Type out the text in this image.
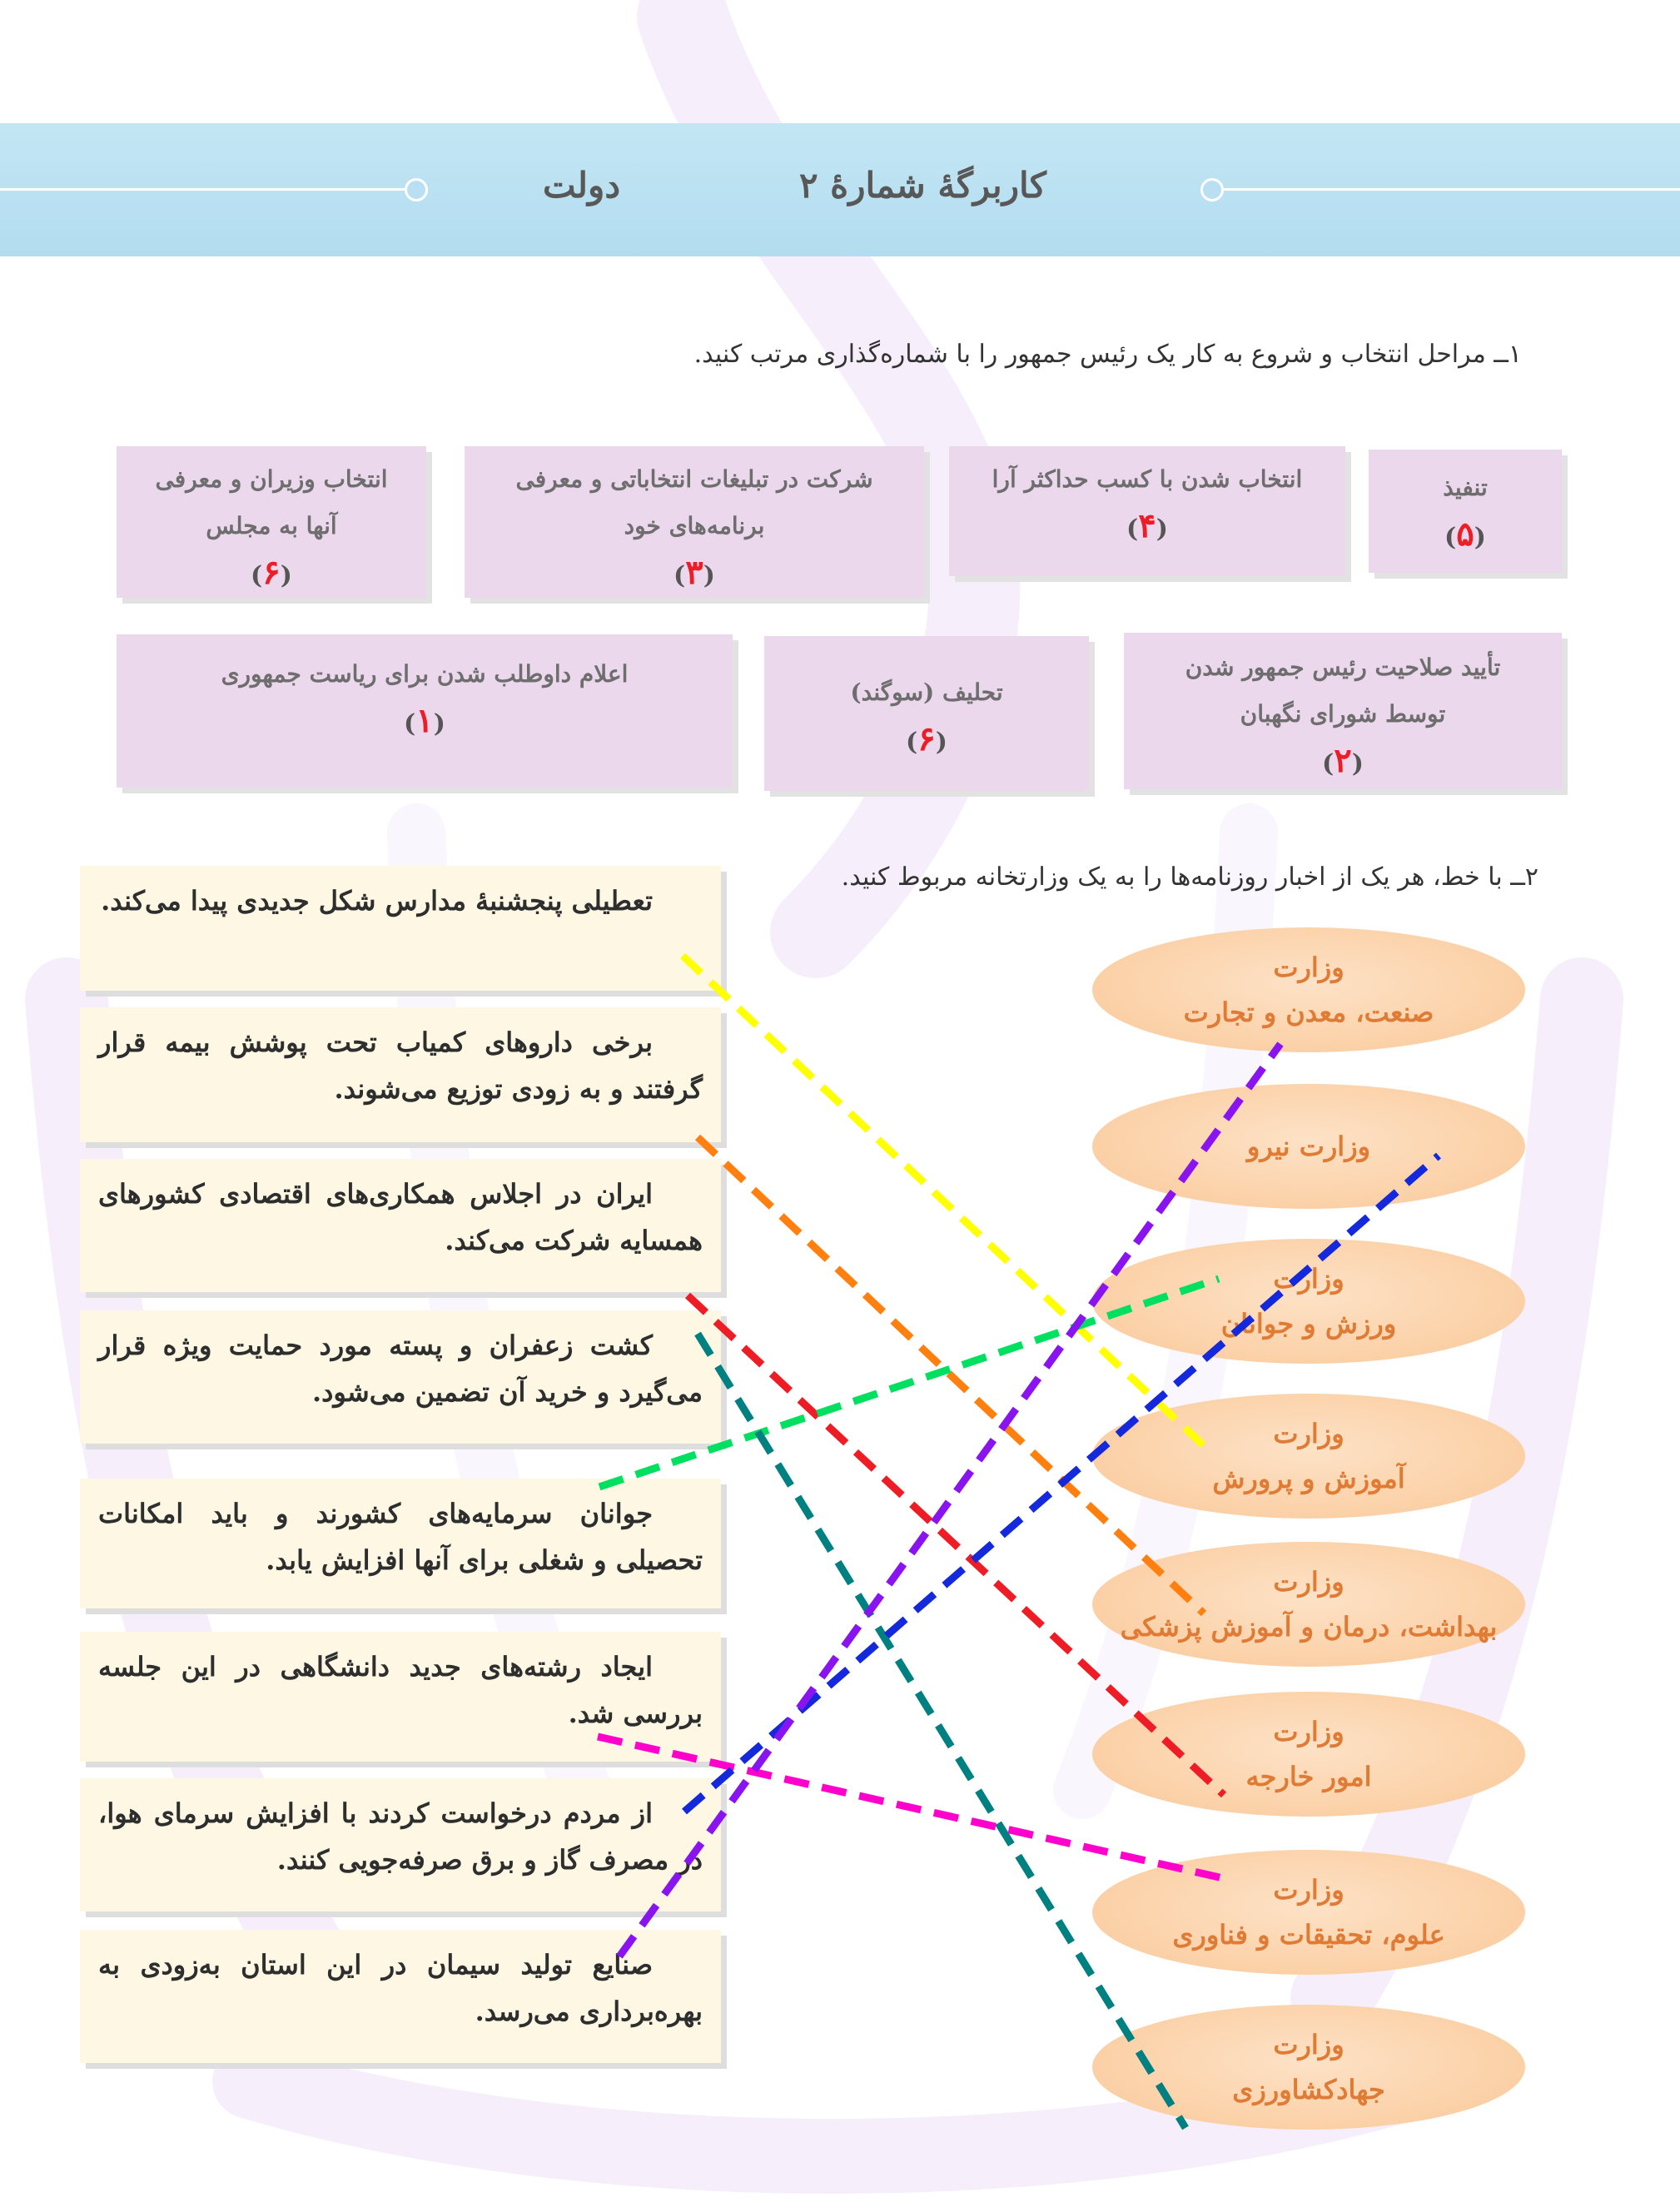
دولت	کاربرگهٔ شمارهٔ ۲
۱ــ مراحل انتخاب و شروع به کار یک رئیس جمهور را با شماره‌گذاری مرتب کنید.
تنفیذ
(۵)
انتخاب شدن با کسب حداکثر آرا
(۴)
شرکت در تبلیغات انتخاباتی و معرفی برنامه‌های خود
(۳)
انتخاب وزیران و معرفی آنها به مجلس
(۶)
تأیید صلاحیت رئیس جمهور شدن توسط شورای نگهبان
(۲)
تحلیف (سوگند)
(۶)
اعلام داوطلب شدن برای ریاست جمهوری
(۱)
۲ــ با خط، هر یک از اخبار روزنامه‌ها را به یک وزارتخانه مربوط کنید.
تعطیلی پنجشنبهٔ مدارس شکل جدیدی پیدا می‌کند.
برخی داروهای کمیاب تحت پوشش بیمه قرار گرفتند و به زودی توزیع می‌شوند.
ایران در اجلاس همکاری‌های اقتصادی کشورهای همسایه شرکت می‌کند.
کشت زعفران و پسته مورد حمایت ویژه قرار می‌گیرد و خرید آن تضمین می‌شود.
جوانان سرمایه‌های کشورند و باید امکانات تحصیلی و شغلی برای آنها افزایش یابد.
ایجاد رشته‌های جدید دانشگاهی در این جلسه بررسی شد.
از مردم درخواست کردند با افزایش سرمای هوا، در مصرف گاز و برق صرفه‌جویی کنند.
صنایع تولید سیمان در این استان به‌زودی به بهره‌برداری می‌رسد.
وزارت
صنعت، معدن و تجارت
وزارت نیرو
وزارت
ورزش و جوانان
وزارت
آموزش و پرورش
وزارت
بهداشت، درمان و آموزش پزشکی
وزارت
امور خارجه
وزارت
علوم، تحقیقات و فناوری
وزارت
جهادکشاورزی
